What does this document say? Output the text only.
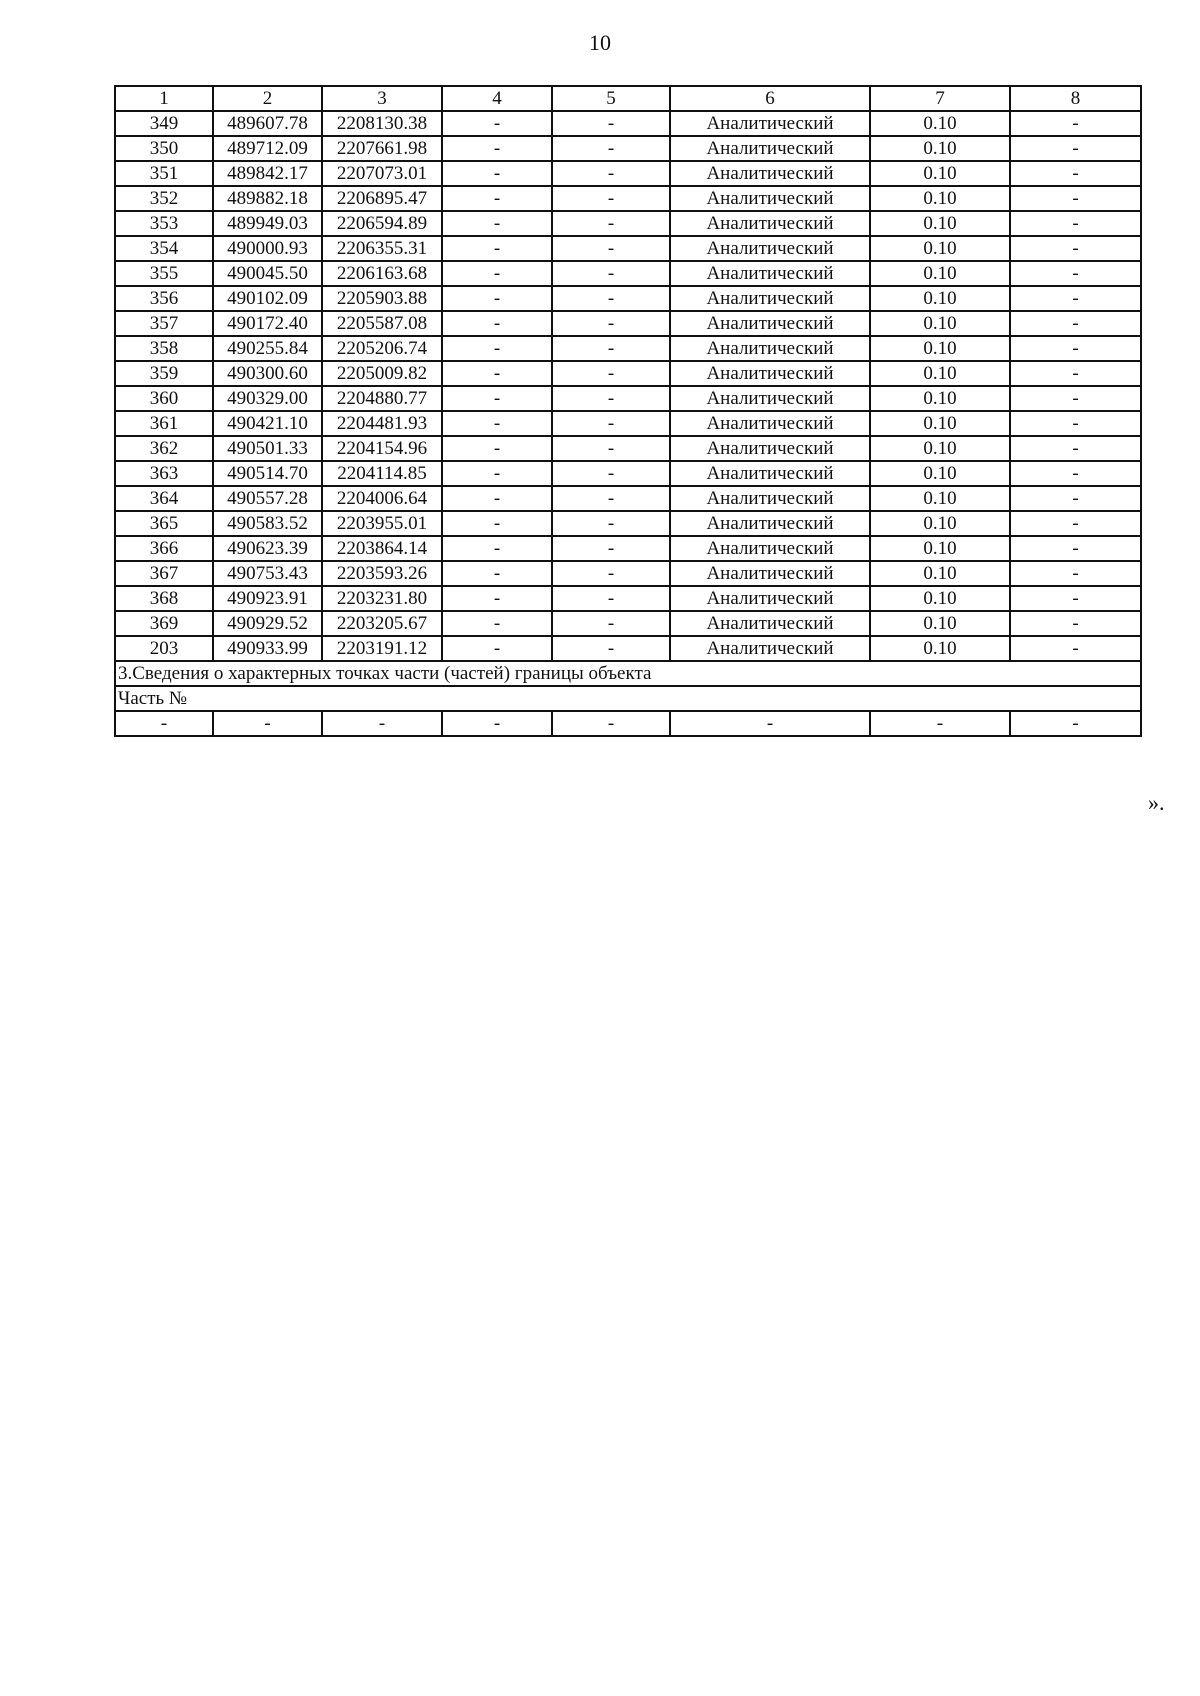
10
1	2	3	4	5	6	7	8
349	489607.78	2208130.38	-	-	Аналитический	0.10	-
350	489712.09	2207661.98	-	-	Аналитический	0.10	-
351	489842.17	2207073.01	-	-	Аналитический	0.10	-
352	489882.18	2206895.47	-	-	Аналитический	0.10	-
353	489949.03	2206594.89	-	-	Аналитический	0.10	-
354	490000.93	2206355.31	-	-	Аналитический	0.10	-
355	490045.50	2206163.68	-	-	Аналитический	0.10	-
356	490102.09	2205903.88	-	-	Аналитический	0.10	-
357	490172.40	2205587.08	-	-	Аналитический	0.10	-
358	490255.84	2205206.74	-	-	Аналитический	0.10	-
359	490300.60	2205009.82	-	-	Аналитический	0.10	-
360	490329.00	2204880.77	-	-	Аналитический	0.10	-
361	490421.10	2204481.93	-	-	Аналитический	0.10	-
362	490501.33	2204154.96	-	-	Аналитический	0.10	-
363	490514.70	2204114.85	-	-	Аналитический	0.10	-
364	490557.28	2204006.64	-	-	Аналитический	0.10	-
365	490583.52	2203955.01	-	-	Аналитический	0.10	-
366	490623.39	2203864.14	-	-	Аналитический	0.10	-
367	490753.43	2203593.26	-	-	Аналитический	0.10	-
368	490923.91	2203231.80	-	-	Аналитический	0.10	-
369	490929.52	2203205.67	-	-	Аналитический	0.10	-
203	490933.99	2203191.12	-	-	Аналитический	0.10	-
3.Сведения о характерных точках части (частей) границы объекта							
Часть №							
-	-	-	-	-	-	-	-
».
